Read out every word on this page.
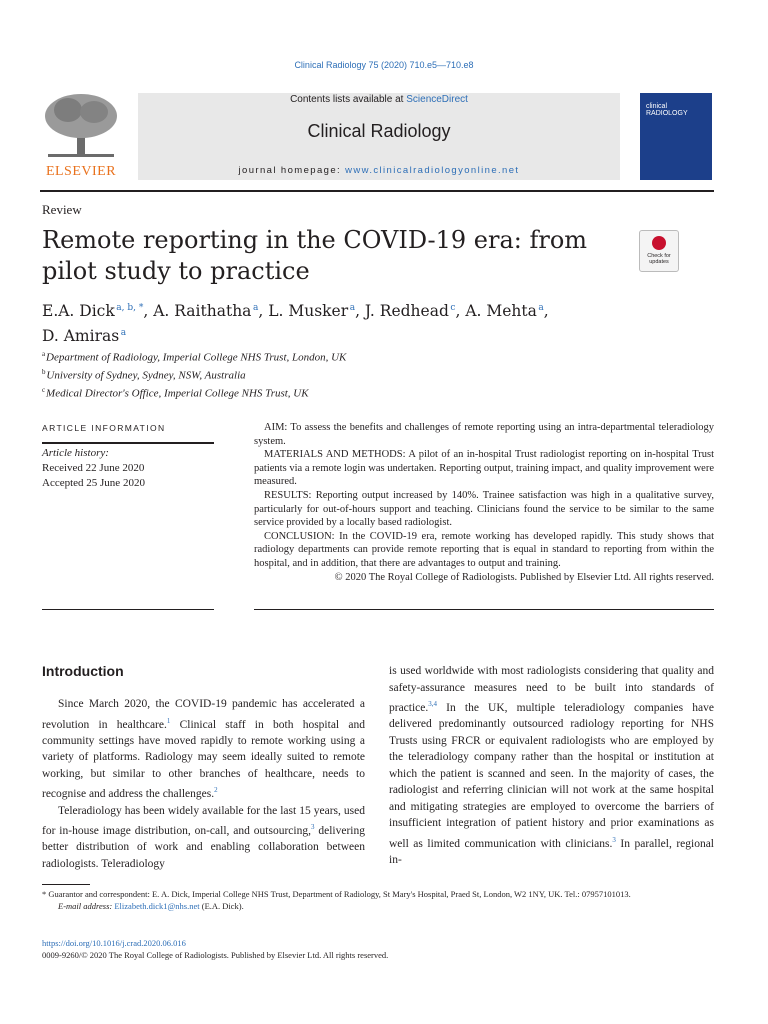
Clinical Radiology 75 (2020) 710.e5—710.e8
ELSEVIER
Contents lists available at ScienceDirect
Clinical Radiology
journal homepage: www.clinicalradiologyonline.net
clinical
RADIOLOGY
Review
Remote reporting in the COVID-19 era: from pilot study to practice
Check for updates
E.A. Dick  $^{a, b, *}$, A. Raithatha  $^a$, L. Musker  $^a$, J. Redhead  $^c$, A. Mehta  $^a$,
D. Amiras  $^a$
$^a$ Department of Radiology, Imperial College NHS Trust, London, UK
$^b$ University of Sydney, Sydney, NSW, Australia
$^c$ Medical Director's Office, Imperial College NHS Trust, UK
ARTICLE INFORMATION
Article history:
Received 22 June 2020
Accepted 25 June 2020

AIM: To assess the benefits and challenges of remote reporting using an intra-departmental teleradiology system.

MATERIALS AND METHODS: A pilot of an in-hospital Trust radiologist reporting on in-hospital Trust patients via a remote login was undertaken. Reporting output, training impact, and quality improvement were measured.

RESULTS: Reporting output increased by 140%. Trainee satisfaction was high in a qualitative survey, particularly for out-of-hours support and teaching. Clinicians found the service to be similar to the same service provided by a locally based radiologist.

CONCLUSION: In the COVID-19 era, remote working has developed rapidly. This study shows that radiology departments can provide remote reporting that is equal in standard to reporting from within the hospital, and in addition, that there are advantages to output and training.

© 2020 The Royal College of Radiologists. Published by Elsevier Ltd. All rights reserved.

Introduction

Since March 2020, the COVID-19 pandemic has accelerated a revolution in healthcare.$^1$ Clinical staff in both hospital and community settings have moved rapidly to remote working using a variety of platforms. Radiology may seem ideally suited to remote working, but similar to other branches of healthcare, needs to recognise and address the challenges.$^2$

Teleradiology has been widely available for the last 15 years, used for in-house image distribution, on-call, and outsourcing,$^3$ delivering better distribution of work and enabling collaboration between radiologists. Teleradiology

is used worldwide with most radiologists considering that quality and safety-assurance measures need to be built into standards of practice.$^{3,4}$ In the UK, multiple teleradiology companies have delivered predominantly outsourced radiology reporting for NHS Trusts using FRCR or equivalent radiologists who are employed by the teleradiology company rather than the hospital or institution at which the patient is scanned and seen. In the majority of cases, the radiologist and referring clinician will not work at the same hospital and mitigating strategies are employed to overcome the barriers of insufficient integration of patient history and prior examinations as well as limited communication with clinicians.$^3$ In parallel, regional in-

* Guarantor and correspondent: E. A. Dick, Imperial College NHS Trust, Department of Radiology, St Mary's Hospital, Praed St, London, W2 1NY, UK. Tel.: 07957101013.
E-mail address: Elizabeth.dick1@nhs.net (E.A. Dick).
https://doi.org/10.1016/j.crad.2020.06.016
0009-9260/© 2020 The Royal College of Radiologists. Published by Elsevier Ltd. All rights reserved.
